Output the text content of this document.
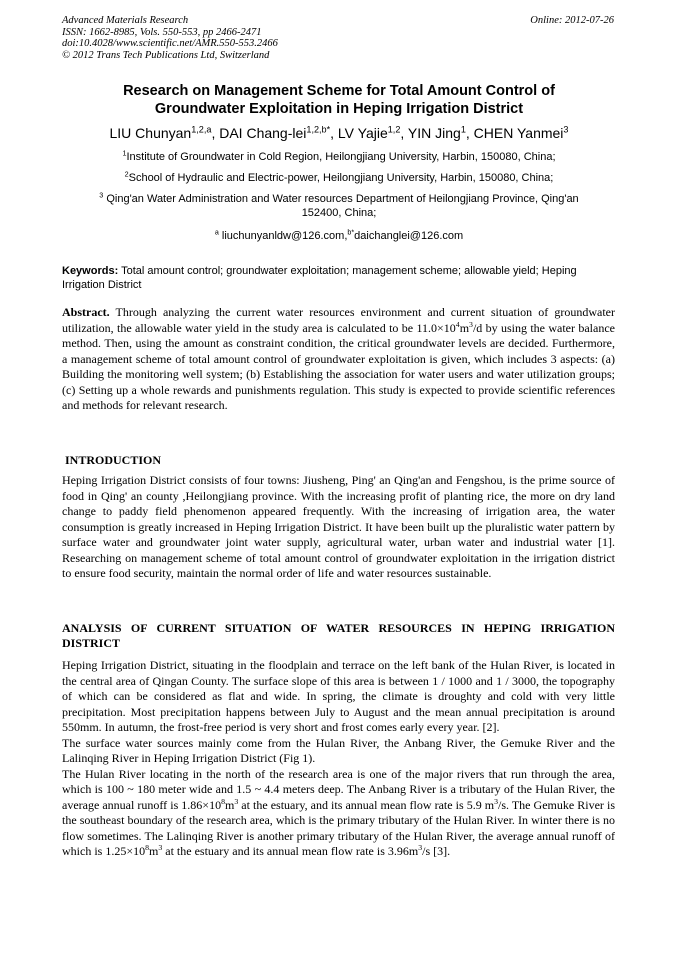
Advanced Materials Research
ISSN: 1662-8985, Vols. 550-553, pp 2466-2471
doi:10.4028/www.scientific.net/AMR.550-553.2466
© 2012 Trans Tech Publications Ltd, Switzerland
Online: 2012-07-26
Research on Management Scheme for Total Amount Control of
Groundwater Exploitation in Heping Irrigation District
LIU Chunyan$^{1,2,a}$, DAI Chang-lei$^{1,2,b*}$, LV Yajie$^{1,2}$, YIN Jing$^1$, CHEN Yanmei$^3$
$^1$Institute of Groundwater in Cold Region, Heilongjiang University, Harbin, 150080, China;
$^2$School of Hydraulic and Electric-power, Heilongjiang University, Harbin, 150080, China;
$^3$ Qing'an Water Administration and Water resources Department of Heilongjiang Province, Qing'an
152400, China;
$^a$ liuchunyanldw@126.com,$^{b*}$daichanglei@126.com
Keywords: Total amount control; groundwater exploitation; management scheme; allowable yield; Heping Irrigation District
Abstract. Through analyzing the current water resources environment and current situation of groundwater utilization, the allowable water yield in the study area is calculated to be $11.0\times 10^4m^3/d$ by using the water balance method. Then, using the amount as constraint condition, the critical groundwater levels are decided. Furthermore, a management scheme of total amount control of groundwater exploitation is given, which includes 3 aspects: (a) Building the monitoring well system; (b) Establishing the association for water users and water utilization groups; (c) Setting up a whole rewards and punishments regulation. This study is expected to provide scientific references and methods for relevant research.
INTRODUCTION
Heping Irrigation District consists of four towns: Jiusheng, Ping' an Qing'an and Fengshou, is the prime source of food in Qing' an county ,Heilongjiang province. With the increasing profit of planting rice, the more on dry land change to paddy field phenomenon appeared frequently. With the increasing of irrigation area, the water consumption is greatly increased in Heping Irrigation District. It have been built up the pluralistic water pattern by surface water and groundwater joint water supply, agricultural water, urban water and industrial water [1]. Researching on management scheme of total amount control of groundwater exploitation in the irrigation district to ensure food security, maintain the normal order of life and water resources sustainable.
ANALYSIS OF CURRENT SITUATION OF WATER RESOURCES IN HEPING IRRIGATION DISTRICT

Heping Irrigation District, situating in the floodplain and terrace on the left bank of the Hulan River, is located in the central area of Qingan County. The surface slope of this area is between 1 / 1000 and 1 / 3000, the topography of which can be considered as flat and wide. In spring, the climate is droughty and cold with very little precipitation. Most precipitation happens between July to August and the mean annual precipitation is around 550mm. In autumn, the frost-free period is very short and frost comes early every year. [2].

The surface water sources mainly come from the Hulan River, the Anbang River, the Gemuke River and the Lalinqing River in Heping Irrigation District (Fig 1).

The Hulan River locating in the north of the research area is one of the major rivers that run through the area, which is 100 ~ 180 meter wide and 1.5 ~ 4.4 meters deep. The Anbang River is a tributary of the Hulan River, the average annual runoff is $1.86\times 10^8m^3$ at the estuary, and its annual mean flow rate is 5.9 $m^3/s$. The Gemuke River is the southeast boundary of the research area, which is the primary tributary of the Hulan River. In winter there is no flow sometimes. The Lalinqing River is another primary tributary of the Hulan River, the average annual runoff of which is $1.25\times 10^8m^3$ at the estuary and its annual mean flow rate is $3.96m^3/s$ [3].
